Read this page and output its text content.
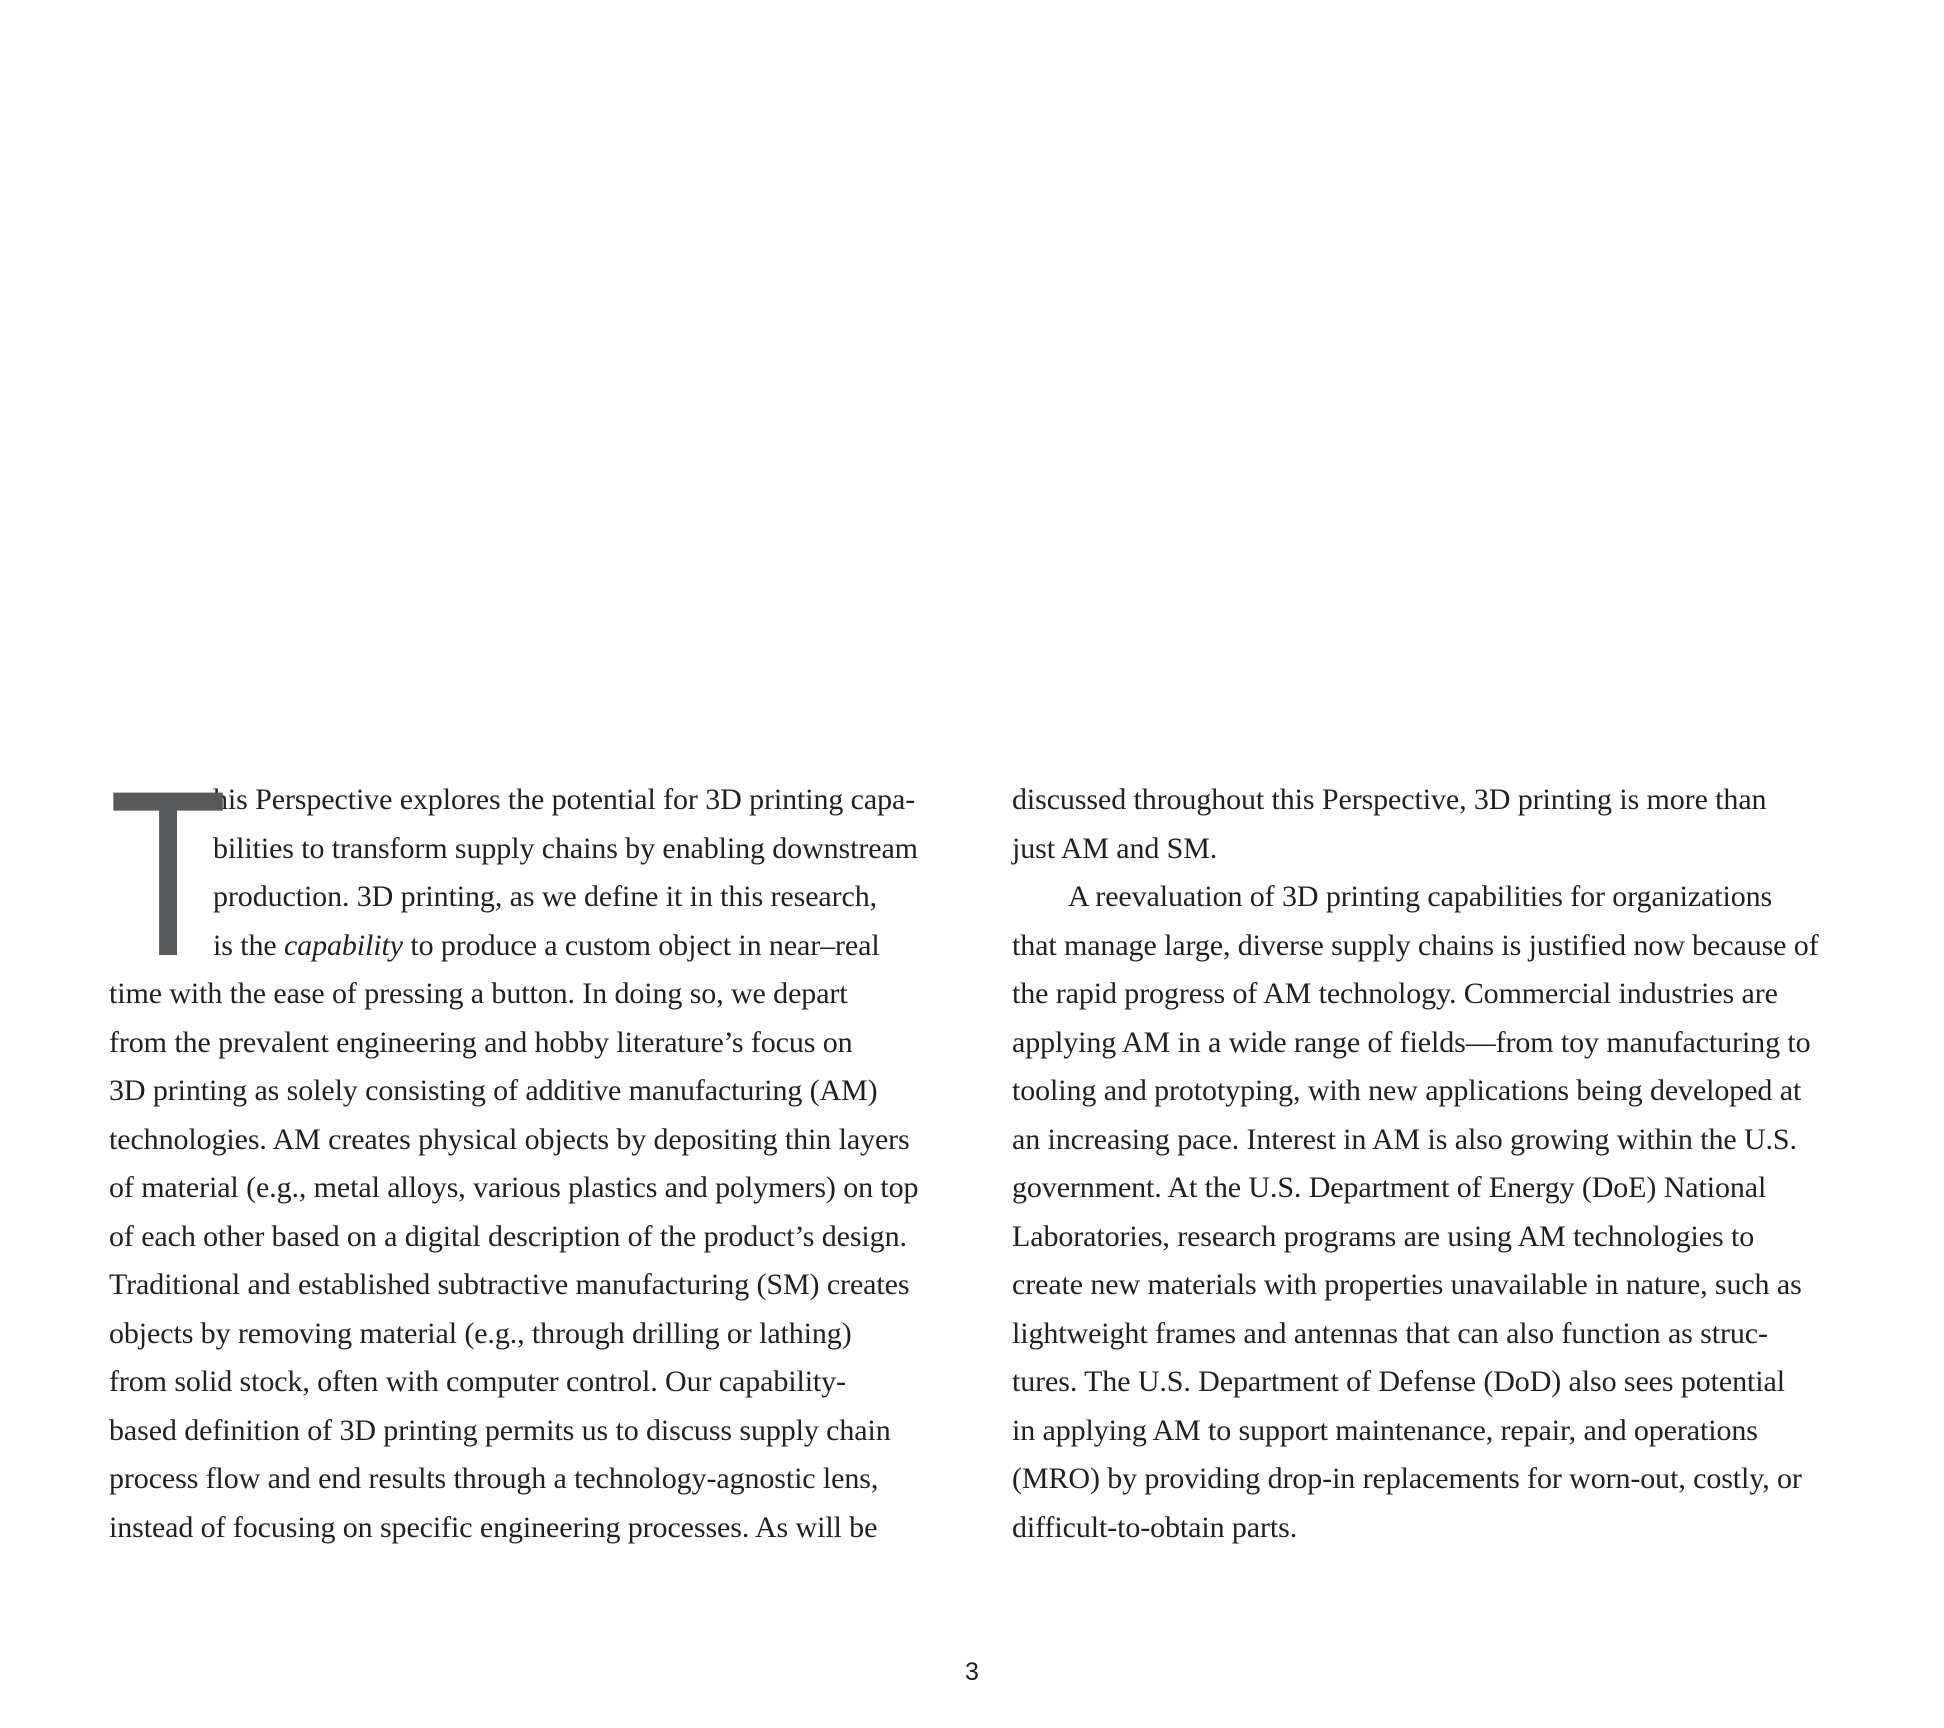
T
his Perspective explores the potential for 3D printing capa-
bilities to transform supply chains by enabling downstream
production. 3D printing, as we define it in this research,
is the capability to produce a custom object in near–real
time with the ease of pressing a button. In doing so, we depart
from the prevalent engineering and hobby literature’s focus on
3D printing as solely consisting of additive manufacturing (AM)
technologies. AM creates physical objects by depositing thin layers
of material (e.g., metal alloys, various plastics and polymers) on top
of each other based on a digital description of the product’s design.
Traditional and established subtractive manufacturing (SM) creates
objects by removing material (e.g., through drilling or lathing)
from solid stock, often with computer control. Our capability-
based definition of 3D printing permits us to discuss supply chain
process flow and end results through a technology-agnostic lens,
instead of focusing on specific engineering processes. As will be
discussed throughout this Perspective, 3D printing is more than
just AM and SM.
A reevaluation of 3D printing capabilities for organizations
that manage large, diverse supply chains is justified now because of
the rapid progress of AM technology. Commercial industries are
applying AM in a wide range of fields—from toy manufacturing to
tooling and prototyping, with new applications being developed at
an increasing pace. Interest in AM is also growing within the U.S.
government. At the U.S. Department of Energy (DoE) National
Laboratories, research programs are using AM technologies to
create new materials with properties unavailable in nature, such as
lightweight frames and antennas that can also function as struc-
tures. The U.S. Department of Defense (DoD) also sees potential
in applying AM to support maintenance, repair, and operations
(MRO) by providing drop-in replacements for worn-out, costly, or
difficult-to-obtain parts.
3
